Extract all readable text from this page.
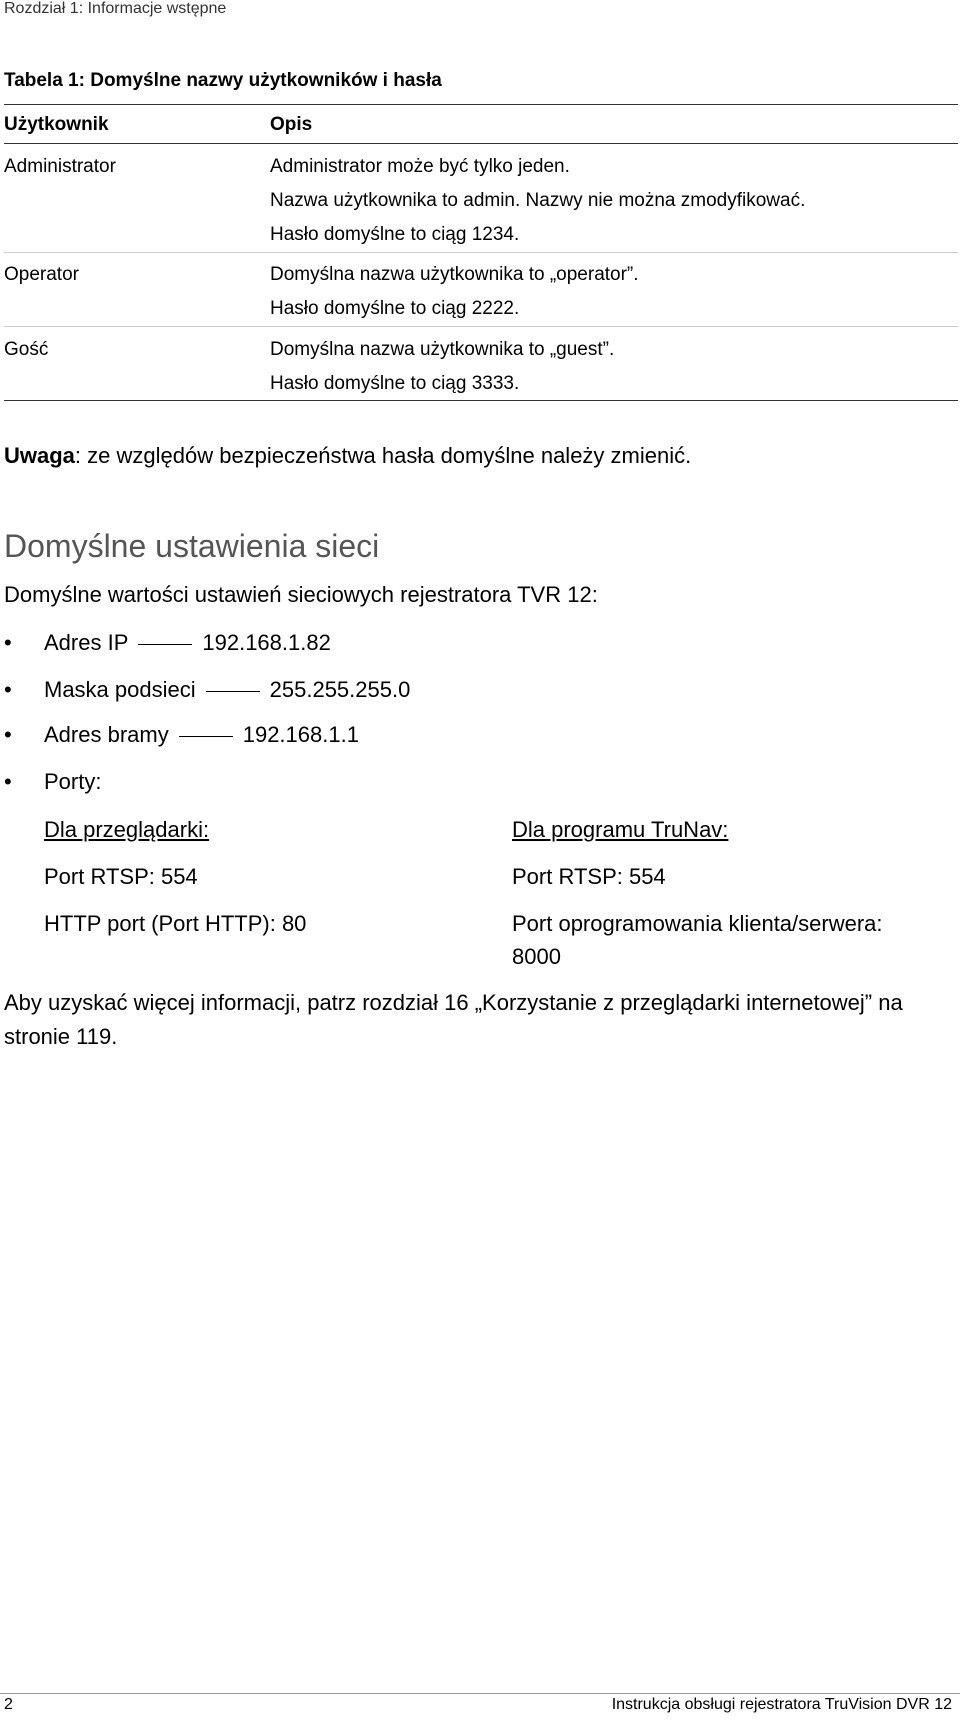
Rozdział 1: Informacje wstępne
Tabela 1: Domyślne nazwy użytkowników i hasła
Użytkownik	Opis
Administrator	Administrator może być tylko jeden.
Nazwa użytkownika to admin. Nazwy nie można zmodyfikować.
Hasło domyślne to ciąg 1234.
Operator	Domyślna nazwa użytkownika to „operator”.
Hasło domyślne to ciąg 2222.
Gość	Domyślna nazwa użytkownika to „guest”.
Hasło domyślne to ciąg 3333.
Uwaga: ze względów bezpieczeństwa hasła domyślne należy zmienić.
Domyślne ustawienia sieci
Domyślne wartości ustawień sieciowych rejestratora TVR 12:
• Adres IP	192.168.1.82
• Maska podsieci	255.255.255.0
• Adres bramy	192.168.1.1
• Porty:
Dla przeglądarki:	Dla programu TruNav:
Port RTSP: 554	Port RTSP: 554
HTTP port (Port HTTP): 80	Port oprogramowania klienta/serwera:
8000
Aby uzyskać więcej informacji, patrz rozdział 16 „Korzystanie z przeglądarki internetowej” na stronie 119.
2	Instrukcja obsługi rejestratora TruVision DVR 12
